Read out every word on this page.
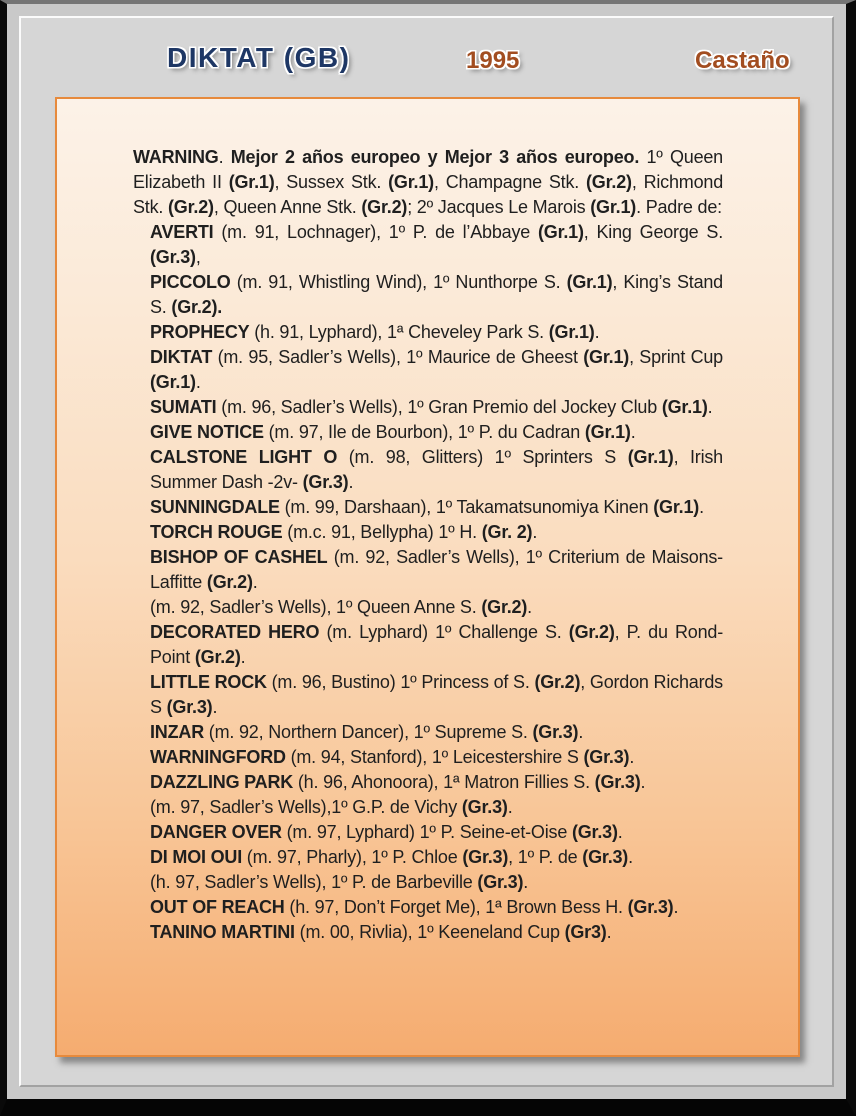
DIKTAT (GB)	1995	Castaño

WARNING. Mejor 2 años europeo y Mejor 3 años europeo. 1º Queen Elizabeth II (Gr.1), Sussex Stk. (Gr.1), Champagne Stk. (Gr.2), Richmond Stk. (Gr.2), Queen Anne Stk. (Gr.2); 2º Jacques Le Marois (Gr.1). Padre de:

AVERTI (m. 91, Lochnager), 1º P. de l’Abbaye (Gr.1), King George S. (Gr.3),

PICCOLO (m. 91, Whistling Wind), 1º Nunthorpe S. (Gr.1), King’s Stand S. (Gr.2).

PROPHECY (h. 91, Lyphard), 1ª Cheveley Park S. (Gr.1).

DIKTAT (m. 95, Sadler’s Wells), 1º Maurice de Gheest (Gr.1), Sprint Cup (Gr.1).

SUMATI (m. 96, Sadler’s Wells), 1º Gran Premio del Jockey Club (Gr.1).

GIVE NOTICE (m. 97, Ile de Bourbon), 1º P. du Cadran (Gr.1).

CALSTONE LIGHT O (m. 98, Glitters) 1º Sprinters S (Gr.1), Irish Summer Dash -2v- (Gr.3).

SUNNINGDALE (m. 99, Darshaan), 1º Takamatsunomiya Kinen (Gr.1).

TORCH ROUGE (m.c. 91, Bellypha) 1º H. (Gr. 2).

BISHOP OF CASHEL (m. 92, Sadler’s Wells), 1º Criterium de Maisons-Laffitte (Gr.2).

(m. 92, Sadler’s Wells), 1º Queen Anne S. (Gr.2).

DECORATED HERO (m. Lyphard) 1º Challenge S. (Gr.2), P. du Rond-Point (Gr.2).

LITTLE ROCK (m. 96, Bustino) 1º Princess of S. (Gr.2), Gordon Richards S (Gr.3).

INZAR (m. 92, Northern Dancer), 1º Supreme S. (Gr.3).

WARNINGFORD (m. 94, Stanford), 1º Leicestershire S (Gr.3).

DAZZLING PARK (h. 96, Ahonoora), 1ª Matron Fillies S. (Gr.3).

(m. 97, Sadler’s Wells),1º G.P. de Vichy (Gr.3).

DANGER OVER (m. 97, Lyphard) 1º P. Seine-et-Oise (Gr.3).

DI MOI OUI (m. 97, Pharly), 1º P. Chloe (Gr.3), 1º P. de (Gr.3).

(h. 97, Sadler’s Wells), 1º P. de Barbeville (Gr.3).

OUT OF REACH (h. 97, Don’t Forget Me), 1ª Brown Bess H. (Gr.3).

TANINO MARTINI (m. 00, Rivlia), 1º Keeneland Cup (Gr3).
